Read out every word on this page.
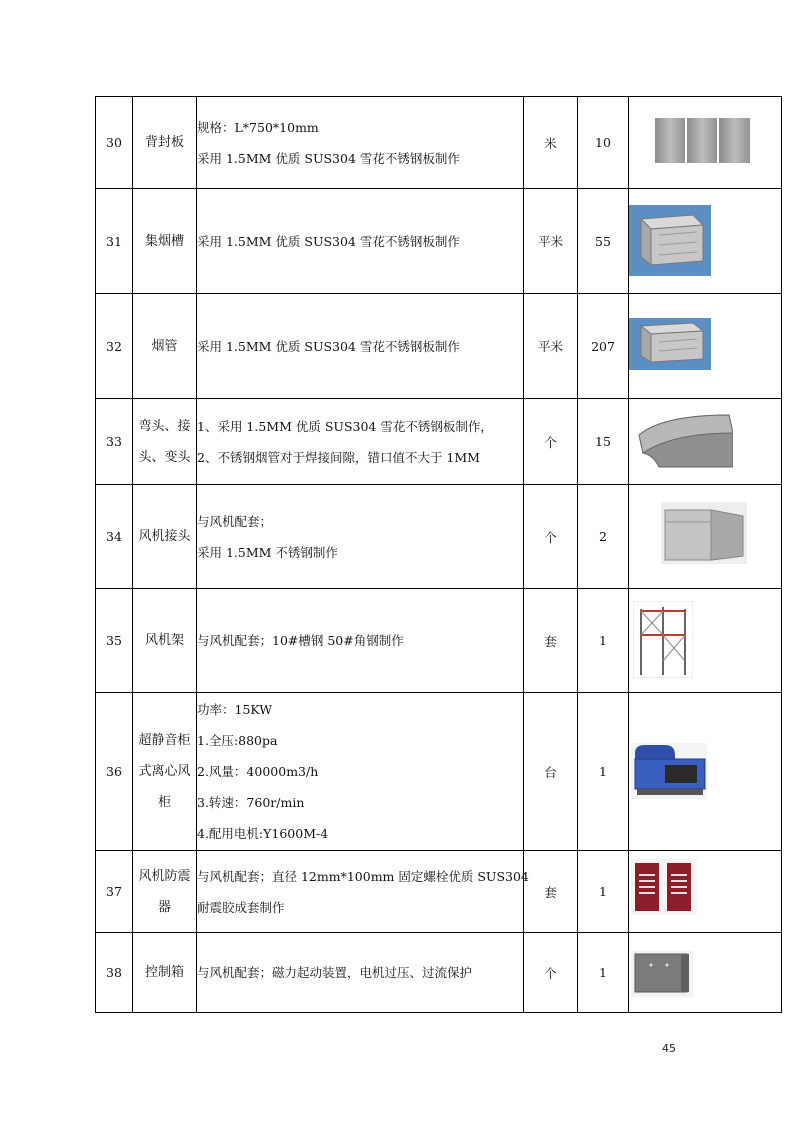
30	背封板	规格：L*750*10mm
采用 1.5MM 优质 SUS304 雪花不锈钢板制作	米	10	

31	集烟槽	采用 1.5MM 优质 SUS304 雪花不锈钢板制作	平米	55	

32	烟管	采用 1.5MM 优质 SUS304 雪花不锈钢板制作	平米	207	

33	弯头、接
头、变头	1、采用 1.5MM 优质 SUS304 雪花不锈钢板制作，
2、不锈钢烟管对于焊接间隙，错口值不大于 1MM	个	15	

34	风机接头	与风机配套；
采用 1.5MM 不锈钢制作	个	2	

35	风机架	与风机配套；10#槽钢 50#角钢制作	套	1	

36	超静音柜
式离心风
柜	功率：15KW
1.全压:880pa
2.风量：40000m3/h
3.转速：760r/min
4.配用电机:Y1600M-4	台	1	

37	风机防震
器	与风机配套；直径 12mm*100mm 固定螺栓优质 SUS304
耐震胶成套制作	套	1	

38	控制箱	与风机配套；磁力起动装置，电机过压、过流保护	个	1	
45
